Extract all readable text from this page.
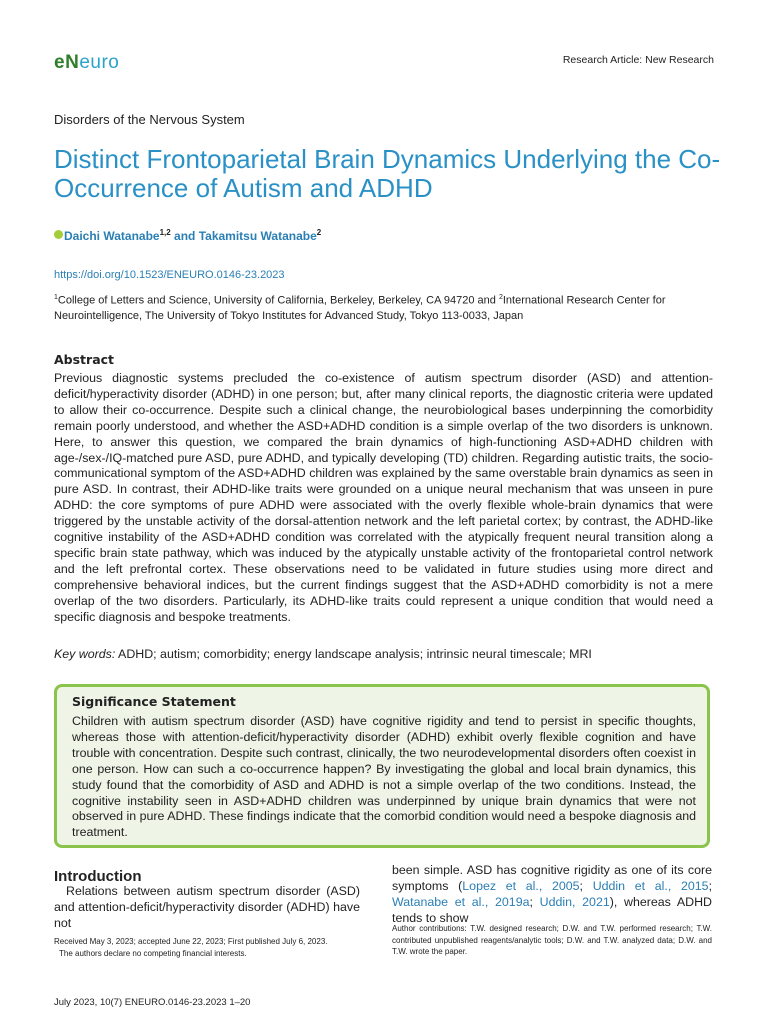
eNeuro	Research Article: New Research
Disorders of the Nervous System
Distinct Frontoparietal Brain Dynamics Underlying the Co-Occurrence of Autism and ADHD
Daichi Watanabe$^{1,2}$ and Takamitsu Watanabe$^2$
https://doi.org/10.1523/ENEURO.0146-23.2023
$^1$College of Letters and Science, University of California, Berkeley, Berkeley, CA 94720 and $^2$International Research Center for Neurointelligence, The University of Tokyo Institutes for Advanced Study, Tokyo 113-0033, Japan
Abstract
Previous diagnostic systems precluded the co-existence of autism spectrum disorder (ASD) and attention-deficit/hyperactivity disorder (ADHD) in one person; but, after many clinical reports, the diagnostic criteria were updated to allow their co-occurrence. Despite such a clinical change, the neurobiological bases underpinning the comorbidity remain poorly understood, and whether the ASD+ADHD condition is a simple overlap of the two disorders is unknown. Here, to answer this question, we compared the brain dynamics of high-functioning ASD+ADHD children with age-/sex-/IQ-matched pure ASD, pure ADHD, and typically developing (TD) children. Regarding autistic traits, the socio-communicational symptom of the ASD+ADHD children was explained by the same overstable brain dynamics as seen in pure ASD. In contrast, their ADHD-like traits were grounded on a unique neural mechanism that was unseen in pure ADHD: the core symptoms of pure ADHD were associated with the overly flexible whole-brain dynamics that were triggered by the unstable activity of the dorsal-attention network and the left parietal cortex; by contrast, the ADHD-like cognitive instability of the ASD+ADHD condition was correlated with the atypically frequent neural transition along a specific brain state pathway, which was induced by the atypically unstable activity of the frontoparietal control network and the left prefrontal cortex. These observations need to be validated in future studies using more direct and comprehensive behavioral indices, but the current findings suggest that the ASD+ADHD comorbidity is not a mere overlap of the two disorders. Particularly, its ADHD-like traits could represent a unique condition that would need a specific diagnosis and bespoke treatments.
Key words: ADHD; autism; comorbidity; energy landscape analysis; intrinsic neural timescale; MRI
Significance Statement
Children with autism spectrum disorder (ASD) have cognitive rigidity and tend to persist in specific thoughts, whereas those with attention-deficit/hyperactivity disorder (ADHD) exhibit overly flexible cognition and have trouble with concentration. Despite such contrast, clinically, the two neurodevelopmental disorders often coexist in one person. How can such a co-occurrence happen? By investigating the global and local brain dynamics, this study found that the comorbidity of ASD and ADHD is not a simple overlap of the two conditions. Instead, the cognitive instability seen in ASD+ADHD children was underpinned by unique brain dynamics that were not observed in pure ADHD. These findings indicate that the comorbid condition would need a bespoke diagnosis and treatment.
Introduction
Relations between autism spectrum disorder (ASD) and attention-deficit/hyperactivity disorder (ADHD) have not
been simple. ASD has cognitive rigidity as one of its core symptoms (Lopez et al., 2005; Uddin et al., 2015; Watanabe et al., 2019a; Uddin, 2021), whereas ADHD tends to show
Received May 3, 2023; accepted June 22, 2023; First published July 6, 2023.
The authors declare no competing financial interests.
Author contributions: T.W. designed research; D.W. and T.W. performed research; T.W. contributed unpublished reagents/analytic tools; D.W. and T.W. analyzed data; D.W. and T.W. wrote the paper.
July 2023, 10(7) ENEURO.0146-23.2023 1–20
